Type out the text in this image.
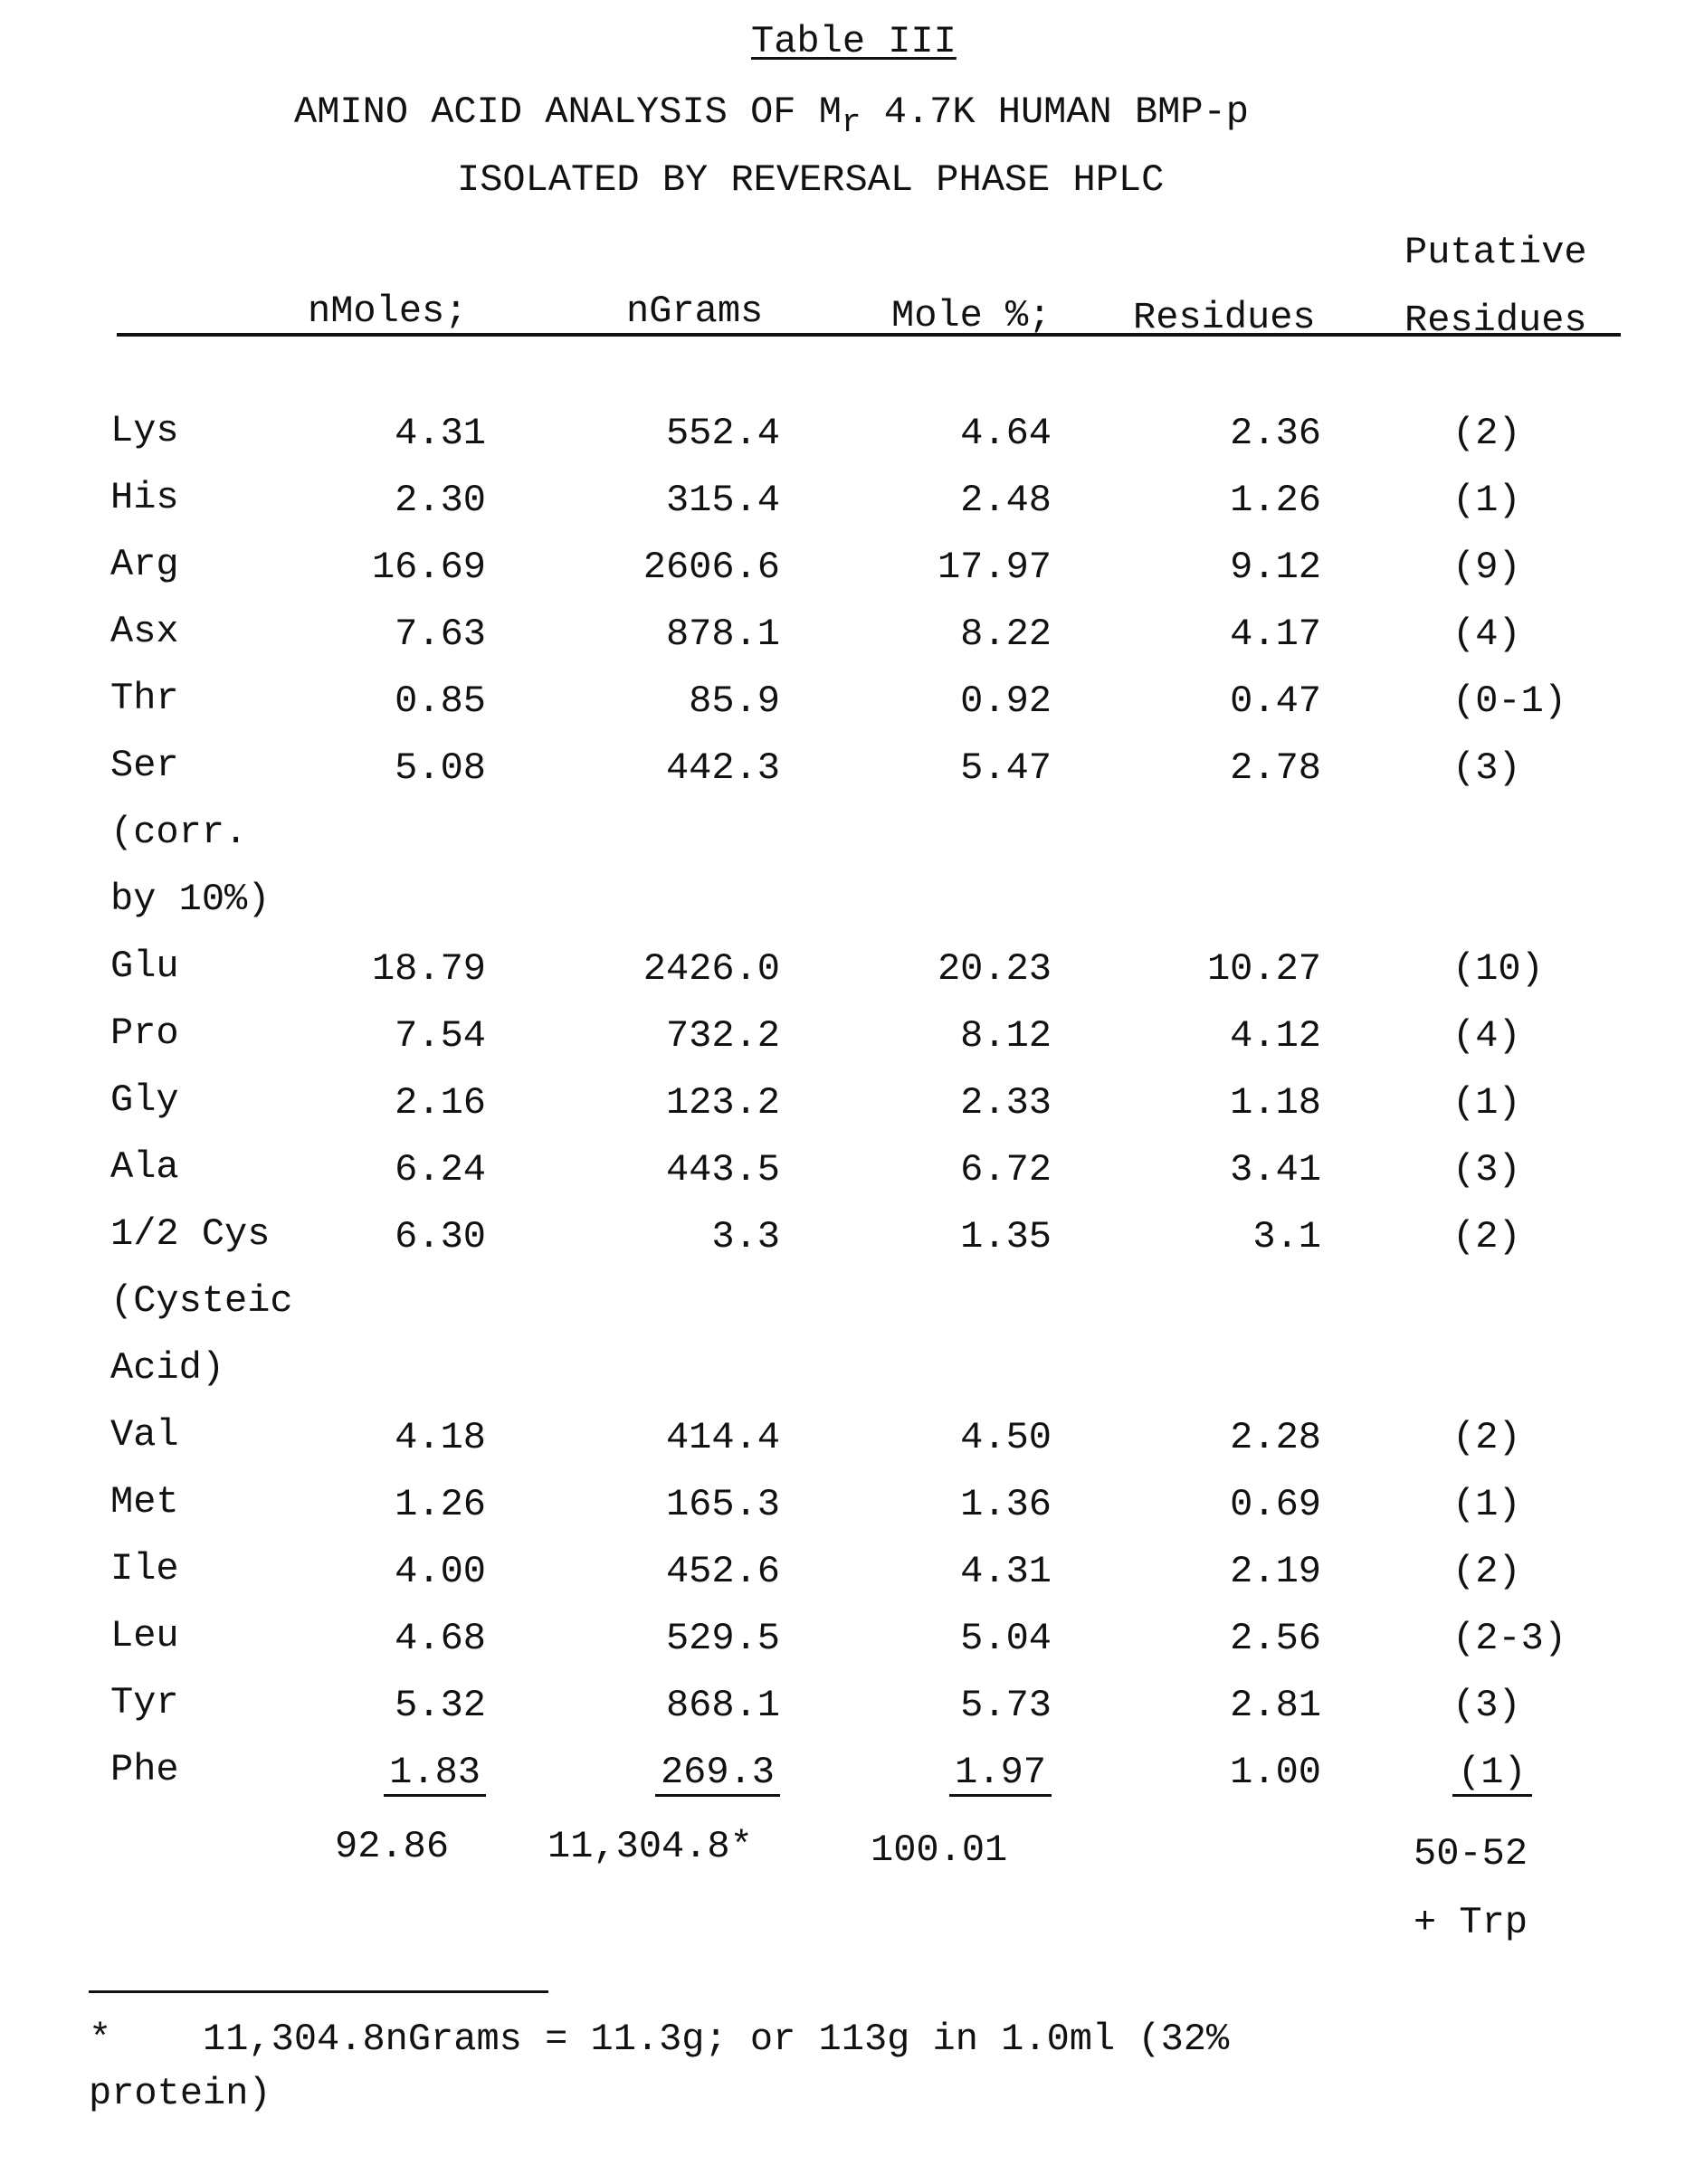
Table III
AMINO ACID ANALYSIS OF Mr 4.7K HUMAN BMP-p
ISOLATED BY REVERSAL PHASE HPLC
Putative
nMoles;	nGrams	Mole %; Residues Residues
Lys	4.31	552.4	4.64	2.36	(2)
His	2.30	315.4	2.48	1.26	(1)
Arg	16.69	2606.6	17.97	9.12	(9)
Asx	7.63	878.1	8.22	4.17	(4)
Thr	0.85	85.9	0.92	0.47	(0-1)
Ser
(corr.
by 10%)
5.08	442.3	5.47	2.78	(3)
Glu	18.79	2426.0	20.23	10.27	(10)
Pro	7.54	732.2	8.12	4.12	(4)
Gly	2.16	123.2	2.33	1.18	(1)
Ala	6.24	443.5	6.72	3.41	(3)
1/2 Cys
(Cysteic
Acid)
6.30	3.3	1.35	3.1	(2)
Val	4.18	414.4	4.50	2.28	(2)
Met	1.26	165.3	1.36	0.69	(1)
Ile	4.00	452.6	4.31	2.19	(2)
Leu	4.68	529.5	5.04	2.56	(2-3)
Tyr	5.32	868.1	5.73	2.81	(3)
Phe	1.83	269.3	1.97	1.00	(1)
92.86	11,304.8*	100.01	50-52
+ Trp
*    11,304.8nGrams = 11.3g; or 113g in 1.0ml (32%
protein)
